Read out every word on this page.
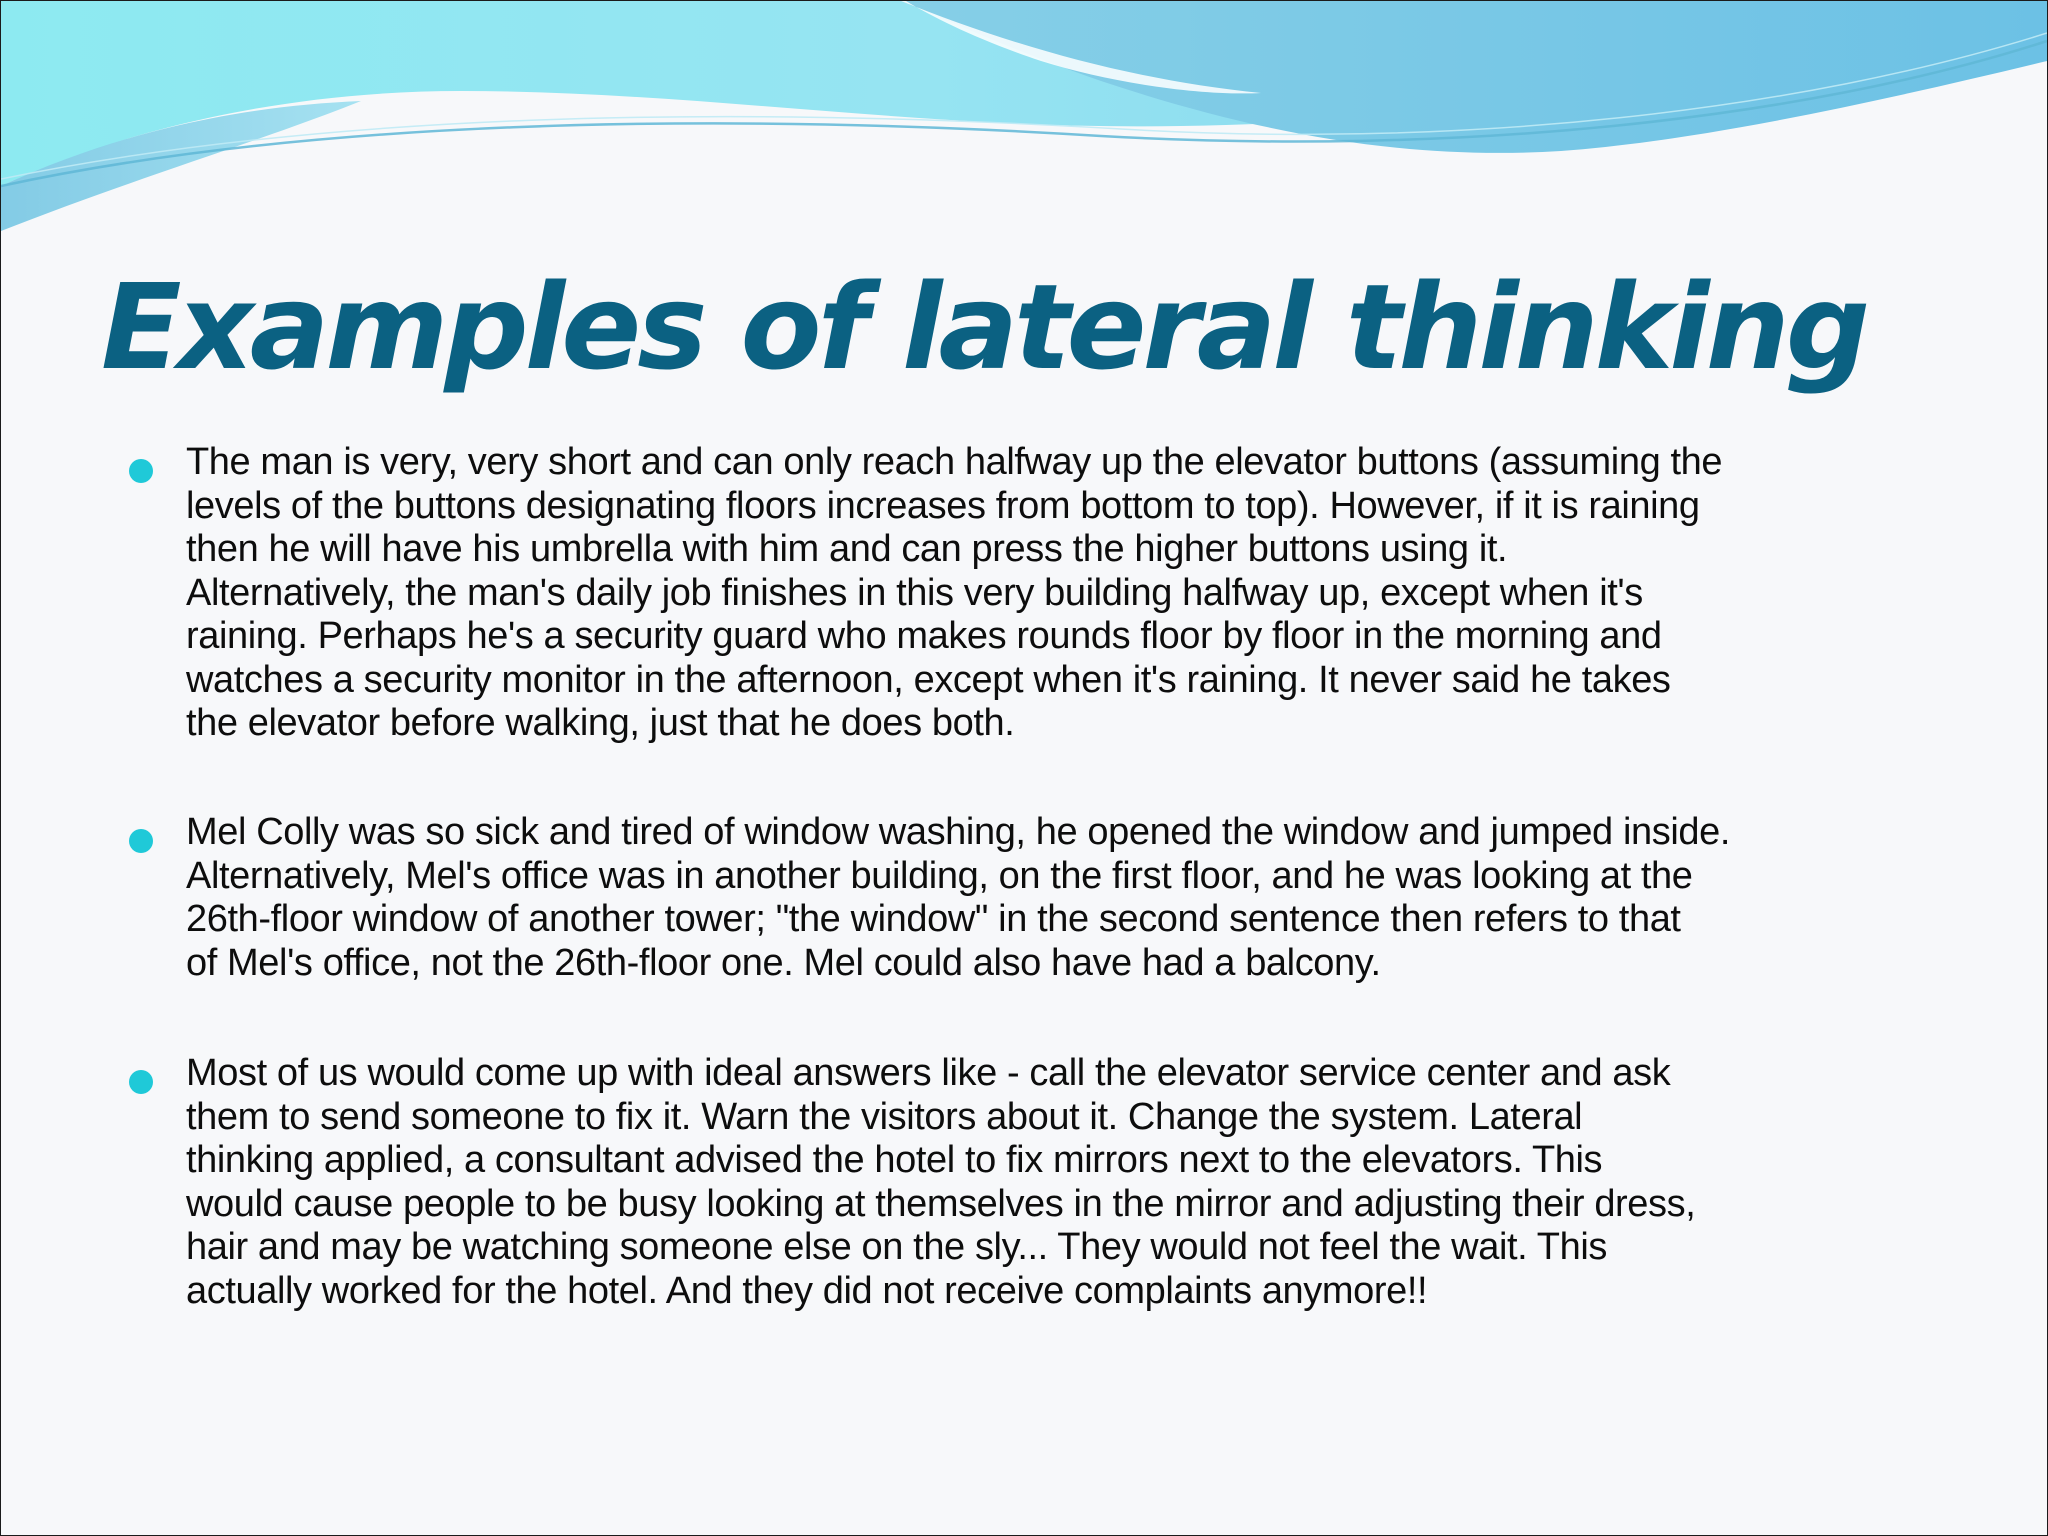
Examples of lateral thinking

The man is very, very short and can only reach halfway up the elevator buttons (assuming the
levels of the buttons designating floors increases from bottom to top). However, if it is raining
then he will have his umbrella with him and can press the higher buttons using it.
Alternatively, the man's daily job finishes in this very building halfway up, except when it's
raining. Perhaps he's a security guard who makes rounds floor by floor in the morning and
watches a security monitor in the afternoon, except when it's raining. It never said he takes
the elevator before walking, just that he does both.

Mel Colly was so sick and tired of window washing, he opened the window and jumped inside.
Alternatively, Mel's office was in another building, on the first floor, and he was looking at the
26th-floor window of another tower; "the window" in the second sentence then refers to that
of Mel's office, not the 26th-floor one. Mel could also have had a balcony.

Most of us would come up with ideal answers like - call the elevator service center and ask
them to send someone to fix it. Warn the visitors about it. Change the system. Lateral
thinking applied, a consultant advised the hotel to fix mirrors next to the elevators. This
would cause people to be busy looking at themselves in the mirror and adjusting their dress,
hair and may be watching someone else on the sly... They would not feel the wait. This
actually worked for the hotel. And they did not receive complaints anymore!!
